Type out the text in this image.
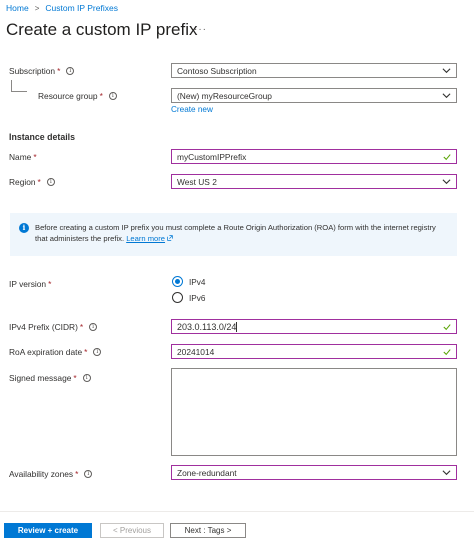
Home > Custom IP Prefixes
Create a custom IP prefix
···
Subscription *	i	Contoso Subscription
Resource group *	i	(New) myResourceGroup
Create new
Instance details
Name *	myCustomIPPrefix
Region *	i	West US 2
i	Before creating a custom IP prefix you must complete a Route Origin Authorization (ROA) form with the internet registry that administers the prefix. Learn more
IP version *	IPv4
IPv6
IPv4 Prefix (CIDR) *	i	203.0.113.0/24
RoA expiration date *	i	20241014
Signed message *	i
Availability zones *	i	Zone-redundant
Review + create	< Previous	Next : Tags >
